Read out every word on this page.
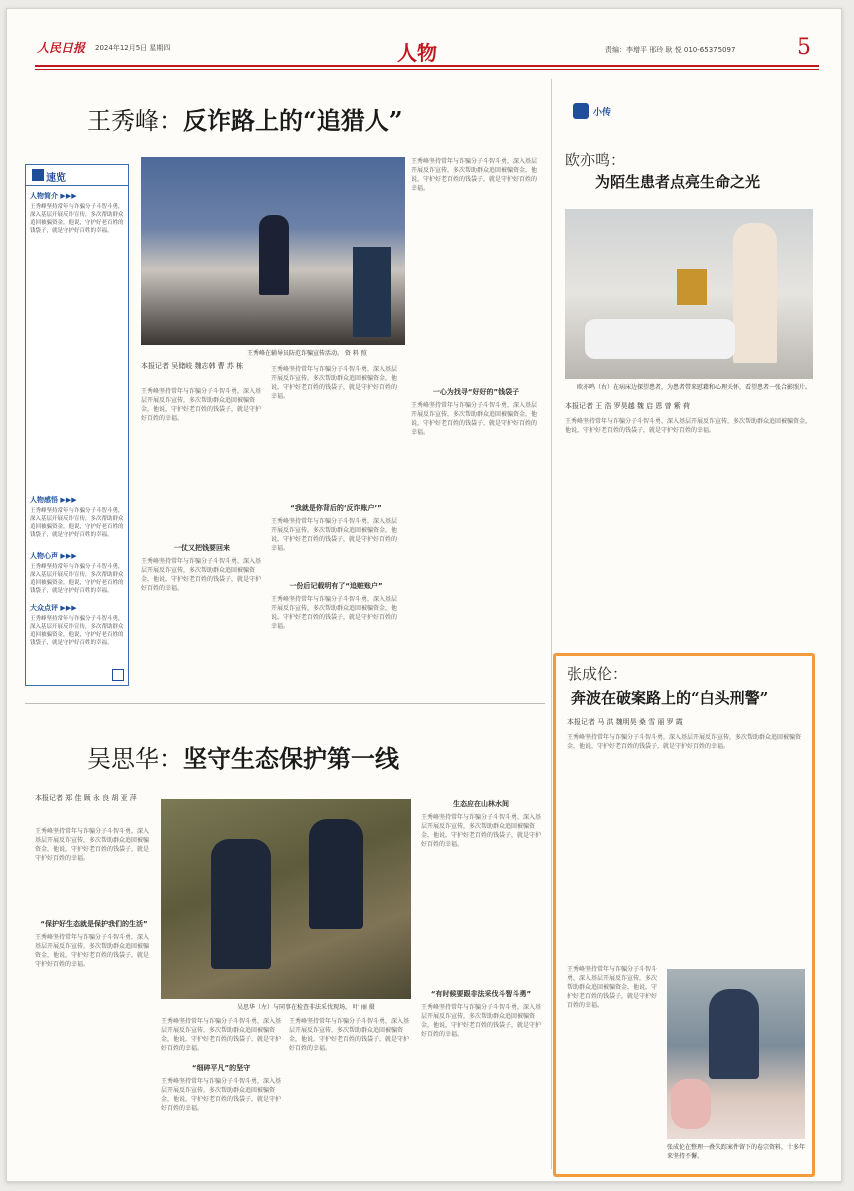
人民日报 2024年12月5日 星期四	人物	责编：李增平 邢玲 耿 悦 010-65375097	5
王秀峰：反诈路上的“追猎人”
速览
人物简介 ▶▶▶
王秀峰坚持常年与诈骗分子斗智斗勇，深入基层开展反诈宣传，多次帮助群众追回被骗资金，他说，守护好老百姓的钱袋子，就是守护好百姓的幸福。
人物感悟 ▶▶▶
王秀峰坚持常年与诈骗分子斗智斗勇，深入基层开展反诈宣传，多次帮助群众追回被骗资金，他说，守护好老百姓的钱袋子，就是守护好百姓的幸福。
人物心声 ▶▶▶
王秀峰坚持常年与诈骗分子斗智斗勇，深入基层开展反诈宣传，多次帮助群众追回被骗资金，他说，守护好老百姓的钱袋子，就是守护好百姓的幸福。
大众点评 ▶▶▶
王秀峰坚持常年与诈骗分子斗智斗勇，深入基层开展反诈宣传，多次帮助群众追回被骗资金，他说，守护好老百姓的钱袋子，就是守护好百姓的幸福。
王秀峰在辅导员防范诈骗宣传活动。 资 料 照
本报记者 吴储岐 魏志韩 曹 苏 栋
王秀峰坚持常年与诈骗分子斗智斗勇，深入基层开展反诈宣传，多次帮助群众追回被骗资金，他说，守护好老百姓的钱袋子，就是守护好百姓的幸福。
一仗又把钱要回来
王秀峰坚持常年与诈骗分子斗智斗勇，深入基层开展反诈宣传，多次帮助群众追回被骗资金，他说，守护好老百姓的钱袋子，就是守护好百姓的幸福。
王秀峰坚持常年与诈骗分子斗智斗勇，深入基层开展反诈宣传，多次帮助群众追回被骗资金，他说，守护好老百姓的钱袋子，就是守护好百姓的幸福。
“我就是你背后的‘反诈账户’”
王秀峰坚持常年与诈骗分子斗智斗勇，深入基层开展反诈宣传，多次帮助群众追回被骗资金，他说，守护好老百姓的钱袋子，就是守护好百姓的幸福。
一份后记载明有了“追赃账户”
王秀峰坚持常年与诈骗分子斗智斗勇，深入基层开展反诈宣传，多次帮助群众追回被骗资金，他说，守护好老百姓的钱袋子，就是守护好百姓的幸福。
王秀峰坚持常年与诈骗分子斗智斗勇，深入基层开展反诈宣传，多次帮助群众追回被骗资金，他说，守护好老百姓的钱袋子，就是守护好百姓的幸福。
一心为找寻“好好的”钱袋子
王秀峰坚持常年与诈骗分子斗智斗勇，深入基层开展反诈宣传，多次帮助群众追回被骗资金，他说，守护好老百姓的钱袋子，就是守护好百姓的幸福。
吴思华：坚守生态保护第一线
本报记者 郑 佳 顾 永 良 胡 亚 萍
王秀峰坚持常年与诈骗分子斗智斗勇，深入基层开展反诈宣传，多次帮助群众追回被骗资金，他说，守护好老百姓的钱袋子，就是守护好百姓的幸福。
“保护好生态就是保护我们的生活”
王秀峰坚持常年与诈骗分子斗智斗勇，深入基层开展反诈宣传，多次帮助群众追回被骗资金，他说，守护好老百姓的钱袋子，就是守护好百姓的幸福。
吴思华（左）与同事在检查非法采伐现场。 叶 丽 摄
王秀峰坚持常年与诈骗分子斗智斗勇，深入基层开展反诈宣传，多次帮助群众追回被骗资金，他说，守护好老百姓的钱袋子，就是守护好百姓的幸福。
“细碎平凡”的坚守
王秀峰坚持常年与诈骗分子斗智斗勇，深入基层开展反诈宣传，多次帮助群众追回被骗资金，他说，守护好老百姓的钱袋子，就是守护好百姓的幸福。
王秀峰坚持常年与诈骗分子斗智斗勇，深入基层开展反诈宣传，多次帮助群众追回被骗资金，他说，守护好老百姓的钱袋子，就是守护好百姓的幸福。
生态应在山林水间
王秀峰坚持常年与诈骗分子斗智斗勇，深入基层开展反诈宣传，多次帮助群众追回被骗资金，他说，守护好老百姓的钱袋子，就是守护好百姓的幸福。
“有时候要跟非法采伐斗智斗勇”
王秀峰坚持常年与诈骗分子斗智斗勇，深入基层开展反诈宣传，多次帮助群众追回被骗资金，他说，守护好老百姓的钱袋子，就是守护好百姓的幸福。
小传
欧亦鸣：
为陌生患者点亮生命之光
欧亦鸣（右）在病床边探望患者，为患者带来慰藉和心理关怀，看望患者一张合影照片。
本报记者 王 浩 罗昊越 魏 启 恩 曾 紫 荷
王秀峰坚持常年与诈骗分子斗智斗勇，深入基层开展反诈宣传，多次帮助群众追回被骗资金，他说，守护好老百姓的钱袋子，就是守护好百姓的幸福。
张成伦：
奔波在破案路上的“白头刑警”
本报记者 马 洪 魏明昊 桑 雪 丽 罗 霞
王秀峰坚持常年与诈骗分子斗智斗勇，深入基层开展反诈宣传，多次帮助群众追回被骗资金，他说，守护好老百姓的钱袋子，就是守护好百姓的幸福。
王秀峰坚持常年与诈骗分子斗智斗勇，深入基层开展反诈宣传，多次帮助群众追回被骗资金，他说，守护好老百姓的钱袋子，就是守护好百姓的幸福。
张成伦在整理一叠失踪案件留下的卷宗资料，十多年来坚持不懈。
